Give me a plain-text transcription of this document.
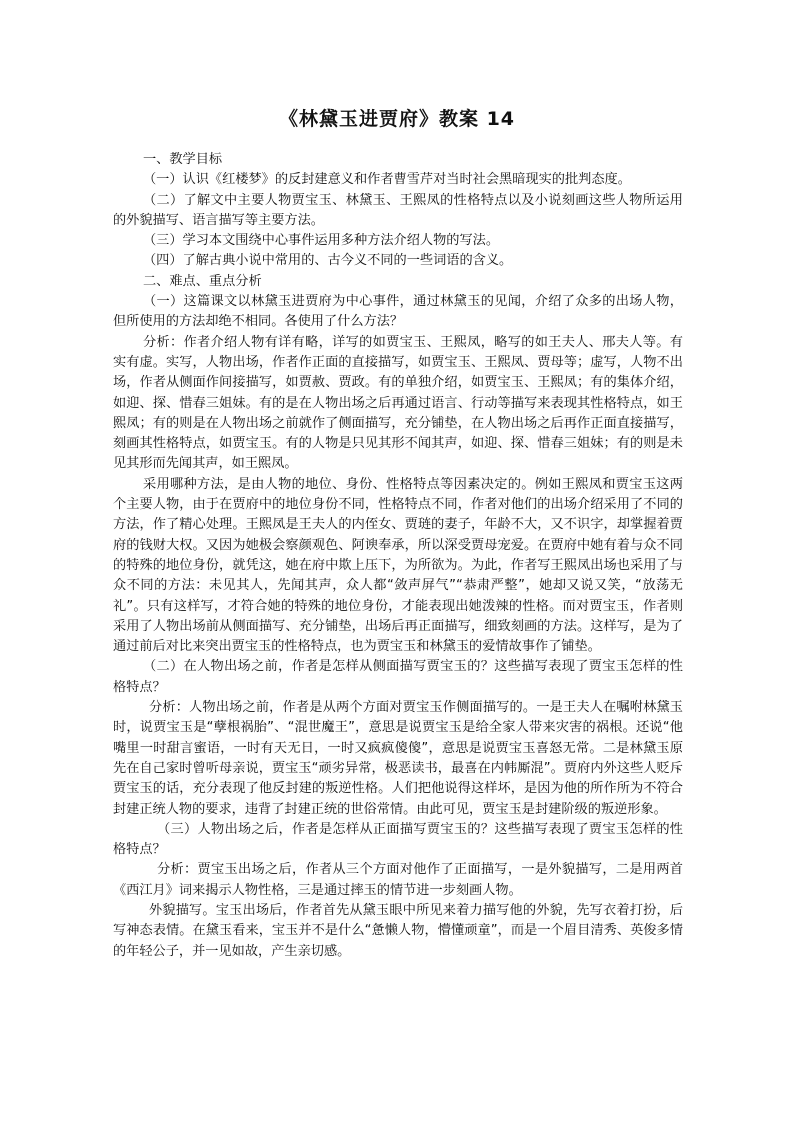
《林黛玉进贾府》教案 14

一、教学目标

（一）认识《红楼梦》的反封建意义和作者曹雪芹对当时社会黑暗现实的批判态度。

（二）了解文中主要人物贾宝玉、林黛玉、王熙凤的性格特点以及小说刻画这些人物所运用的外貌描写、语言描写等主要方法。

（三）学习本文围绕中心事件运用多种方法介绍人物的写法。

（四）了解古典小说中常用的、古今义不同的一些词语的含义。

二、难点、重点分析

（一）这篇课文以林黛玉进贾府为中心事件，通过林黛玉的见闻，介绍了众多的出场人物，但所使用的方法却绝不相同。各使用了什么方法？

分析：作者介绍人物有详有略，详写的如贾宝玉、王熙凤，略写的如王夫人、邢夫人等。有实有虚。实写，人物出场，作者作正面的直接描写，如贾宝玉、王熙凤、贾母等；虚写，人物不出场，作者从侧面作间接描写，如贾赦、贾政。有的单独介绍，如贾宝玉、王熙凤；有的集体介绍，如迎、探、惜春三姐妹。有的是在人物出场之后再通过语言、行动等描写来表现其性格特点，如王熙凤；有的则是在人物出场之前就作了侧面描写，充分铺垫，在人物出场之后再作正面直接描写，刻画其性格特点，如贾宝玉。有的人物是只见其形不闻其声，如迎、探、惜春三姐妹；有的则是未见其形而先闻其声，如王熙凤。

采用哪种方法，是由人物的地位、身份、性格特点等因素决定的。例如王熙凤和贾宝玉这两个主要人物，由于在贾府中的地位身份不同，性格特点不同，作者对他们的出场介绍采用了不同的方法，作了精心处理。王熙凤是王夫人的内侄女、贾琏的妻子，年龄不大，又不识字，却掌握着贾府的钱财大权。又因为她极会察颜观色、阿谀奉承，所以深受贾母宠爱。在贾府中她有着与众不同的特殊的地位身份，就凭这，她在府中欺上压下，为所欲为。为此，作者写王熙凤出场也采用了与众不同的方法：未见其人，先闻其声，众人都“敛声屏气”“恭肃严整”，她却又说又笑，“放荡无礼”。只有这样写，才符合她的特殊的地位身份，才能表现出她泼辣的性格。而对贾宝玉，作者则采用了人物出场前从侧面描写、充分铺垫，出场后再正面描写，细致刻画的方法。这样写，是为了通过前后对比来突出贾宝玉的性格特点，也为贾宝玉和林黛玉的爱情故事作了铺垫。

（二）在人物出场之前，作者是怎样从侧面描写贾宝玉的？这些描写表现了贾宝玉怎样的性格特点？

分析：人物出场之前，作者是从两个方面对贾宝玉作侧面描写的。一是王夫人在嘱咐林黛玉时，说贾宝玉是“孽根祸胎”、“混世魔王”，意思是说贾宝玉是给全家人带来灾害的祸根。还说“他嘴里一时甜言蜜语，一时有天无日，一时又疯疯傻傻”，意思是说贾宝玉喜怒无常。二是林黛玉原先在自己家时曾听母亲说，贾宝玉“顽劣异常，极恶读书，最喜在内帏厮混”。贾府内外这些人贬斥贾宝玉的话，充分表现了他反封建的叛逆性格。人们把他说得这样坏，是因为他的所作所为不符合封建正统人物的要求，违背了封建正统的世俗常情。由此可见，贾宝玉是封建阶级的叛逆形象。

（三）人物出场之后，作者是怎样从正面描写贾宝玉的？这些描写表现了贾宝玉怎样的性格特点？

分析：贾宝玉出场之后，作者从三个方面对他作了正面描写，一是外貌描写，二是用两首《西江月》词来揭示人物性格，三是通过摔玉的情节进一步刻画人物。

外貌描写。宝玉出场后，作者首先从黛玉眼中所见来着力描写他的外貌，先写衣着打扮，后写神态表情。在黛玉看来，宝玉并不是什么“惫懒人物，懵懂顽童”，而是一个眉目清秀、英俊多情的年轻公子，并一见如故，产生亲切感。
